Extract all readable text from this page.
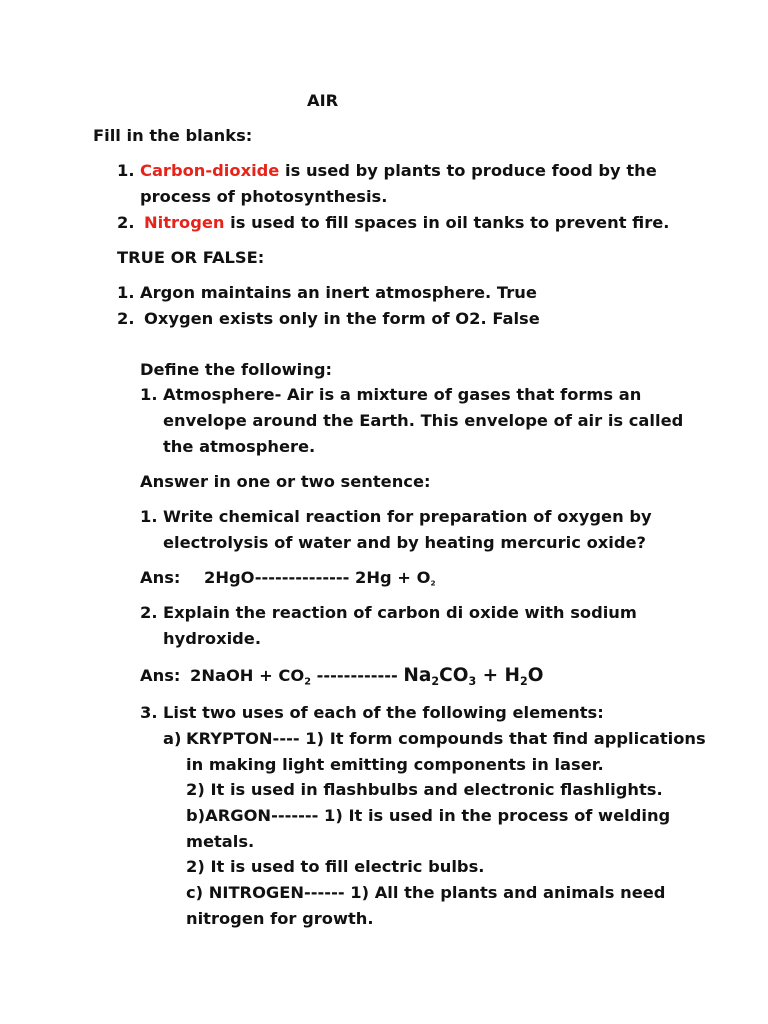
AIR
Fill in the blanks:
1. Carbon-dioxide is used by plants to produce food by the
process of photosynthesis.
2. Nitrogen is used to fill spaces in oil tanks to prevent fire.
TRUE OR FALSE:
1. Argon maintains an inert atmosphere. True
2. Oxygen exists only in the form of O2. False
Define the following:
1. Atmosphere- Air is a mixture of gases that forms an
envelope around the Earth. This envelope of air is called
the atmosphere.
Answer in one or two sentence:
1. Write chemical reaction for preparation of oxygen by
electrolysis of water and by heating mercuric oxide?
Ans: 2HgO-------------- $2Hg + O_2$
2. Explain the reaction of carbon di oxide with sodium
hydroxide.
Ans: 2NaOH + $CO_2$ ------------ $Na_2CO_3 + H_2O$
3. List two uses of each of the following elements:
a) KRYPTON---- 1) It form compounds that find applications
in making light emitting components in laser.
2) It is used in flashbulbs and electronic flashlights.
b)ARGON------- 1) It is used in the process of welding
metals.
2) It is used to fill electric bulbs.
c) NITROGEN------ 1) All the plants and animals need
nitrogen for growth.
